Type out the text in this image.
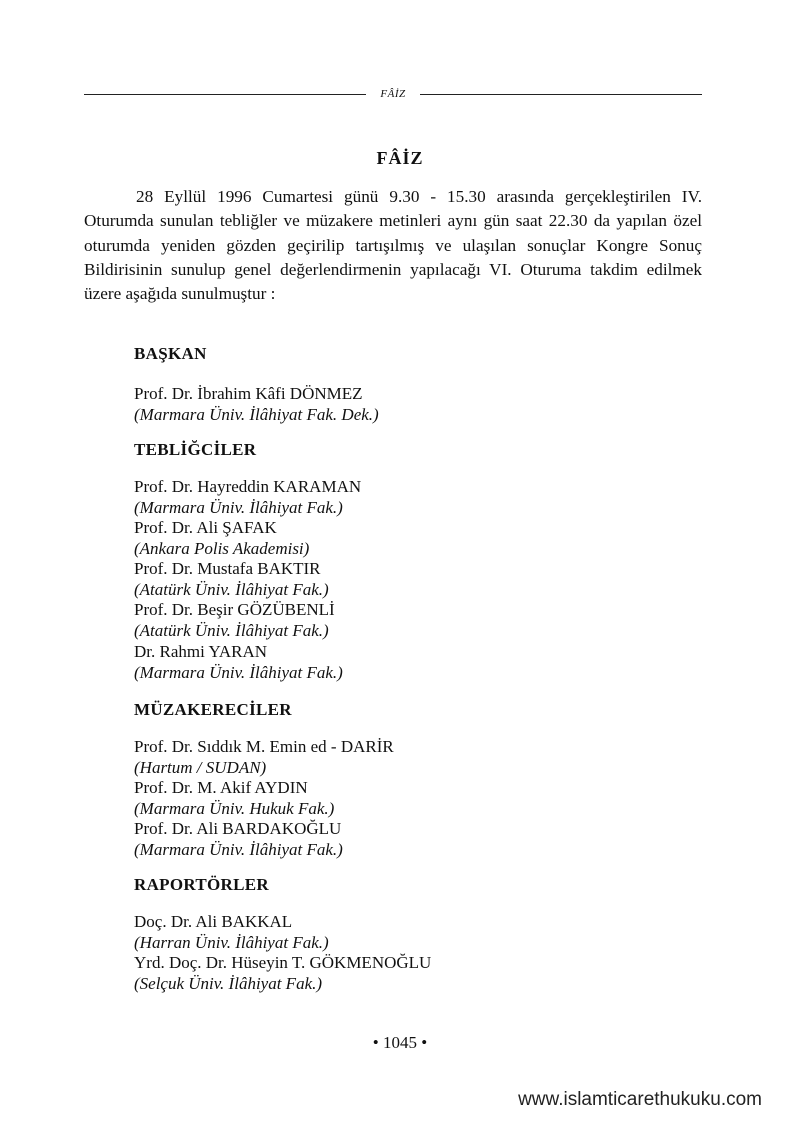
FÂİZ
FÂİZ

28 Eyllül 1996 Cumartesi günü 9.30 - 15.30 arasında gerçekleştirilen IV. Oturumda sunulan tebliğler ve müzakere metinleri aynı gün saat 22.30 da yapılan özel oturumda yeniden gözden geçirilip tartışılmış ve ulaşılan sonuçlar Kongre Sonuç Bildirisinin sunulup genel değerlendirmenin yapılacağı VI. Oturuma takdim edilmek üzere aşağıda sunulmuştur :

BAŞKAN
Prof. Dr. İbrahim Kâfi DÖNMEZ
(Marmara Üniv. İlâhiyat Fak. Dek.)
TEBLİĞCİLER
Prof. Dr. Hayreddin KARAMAN
(Marmara Üniv. İlâhiyat Fak.)
Prof. Dr. Ali ŞAFAK
(Ankara Polis Akademisi)
Prof. Dr. Mustafa BAKTIR
(Atatürk Üniv. İlâhiyat Fak.)
Prof. Dr. Beşir GÖZÜBENLİ
(Atatürk Üniv. İlâhiyat Fak.)
Dr. Rahmi YARAN
(Marmara Üniv. İlâhiyat Fak.)
MÜZAKERECİLER
Prof. Dr. Sıddık M. Emin ed - DARİR
(Hartum / SUDAN)
Prof. Dr. M. Akif AYDIN
(Marmara Üniv. Hukuk Fak.)
Prof. Dr. Ali BARDAKOĞLU
(Marmara Üniv. İlâhiyat Fak.)
RAPORTÖRLER
Doç. Dr. Ali BAKKAL
(Harran Üniv. İlâhiyat Fak.)
Yrd. Doç. Dr. Hüseyin T. GÖKMENOĞLU
(Selçuk Üniv. İlâhiyat Fak.)
• 1045 •
www.islamticarethukuku.com
